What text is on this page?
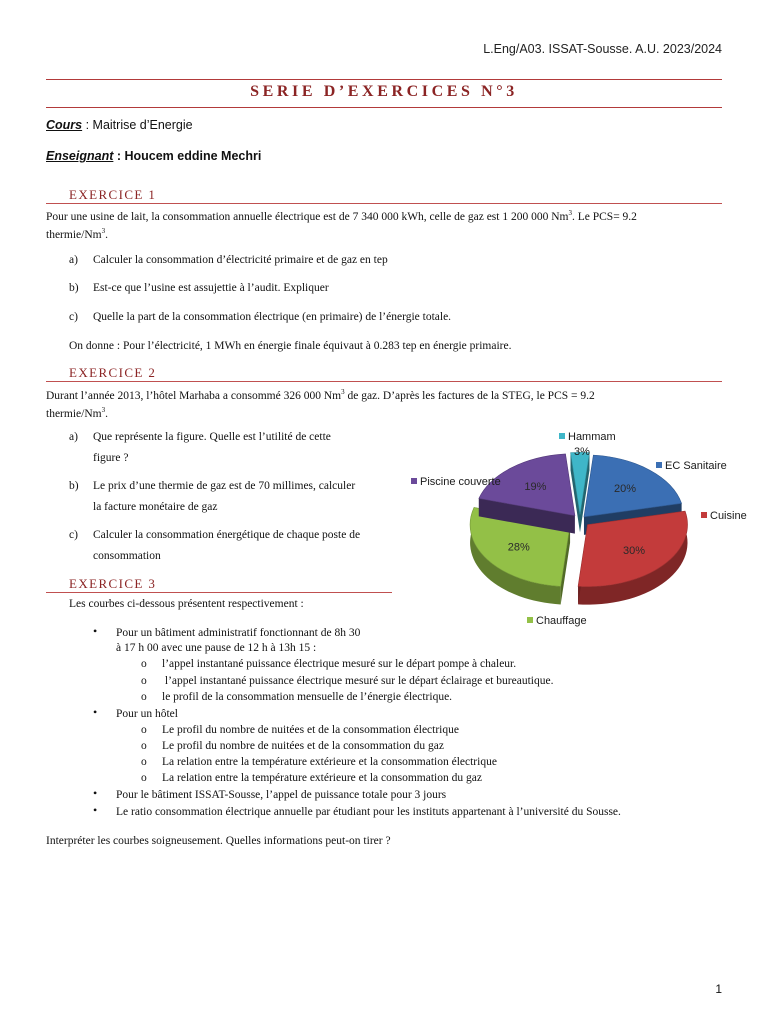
L.Eng/A03. ISSAT-Sousse. A.U. 2023/2024
SERIE D’EXERCICES N°3
Cours : Maitrise d’Energie
Enseignant : Houcem eddine Mechri
EXERCICE 1
Pour une usine de lait, la consommation annuelle électrique est de 7 340 000 kWh, celle de gaz est 1 200 000 Nm$^3$. Le PCS= 9.2
thermie/Nm$^3$.
a) Calculer la consommation d’électricité primaire et de gaz en tep
b) Est-ce que l’usine est assujettie à l’audit. Expliquer
c) Quelle la part de la consommation électrique (en primaire) de l’énergie totale.
On donne : Pour l’électricité, 1 MWh en énergie finale équivaut à 0.283 tep en énergie primaire.
EXERCICE 2
Durant l’année 2013, l’hôtel Marhaba a consommé 326 000 Nm$^3$ de gaz. D’après les factures de la STEG, le PCS = 9.2
thermie/Nm$^3$.
a) Que représente la figure. Quelle est l’utilité de cette
figure ?
b) Le prix d’une thermie de gaz est de 70 millimes, calculer
la facture monétaire de gaz
c) Calculer la consommation énergétique de chaque poste de
consommation
20%
30%
28%
19%
Hammam
3%
EC Sanitaire
Cuisine
Chauffage
Piscine couverte
EXERCICE 3
Les courbes ci-dessous présentent respectivement :
• Pour un bâtiment administratif fonctionnant de 8h 30
à 17 h 00 avec une pause de 12 h à 13h 15 :
o l’appel instantané puissance électrique mesuré sur le départ pompe à chaleur.
o l’appel instantané puissance électrique mesuré sur le départ éclairage et bureautique.
o le profil de la consommation mensuelle de l’énergie électrique.
• Pour un hôtel
o Le profil du nombre de nuitées et de la consommation électrique
o Le profil du nombre de nuitées et de la consommation du gaz
o La relation entre la température extérieure et la consommation électrique
o La relation entre la température extérieure et la consommation du gaz
• Pour le bâtiment ISSAT-Sousse, l’appel de puissance totale pour 3 jours
• Le ratio consommation électrique annuelle par étudiant pour les instituts appartenant à l’université du Sousse.
Interpréter les courbes soigneusement. Quelles informations peut-on tirer ?
1
